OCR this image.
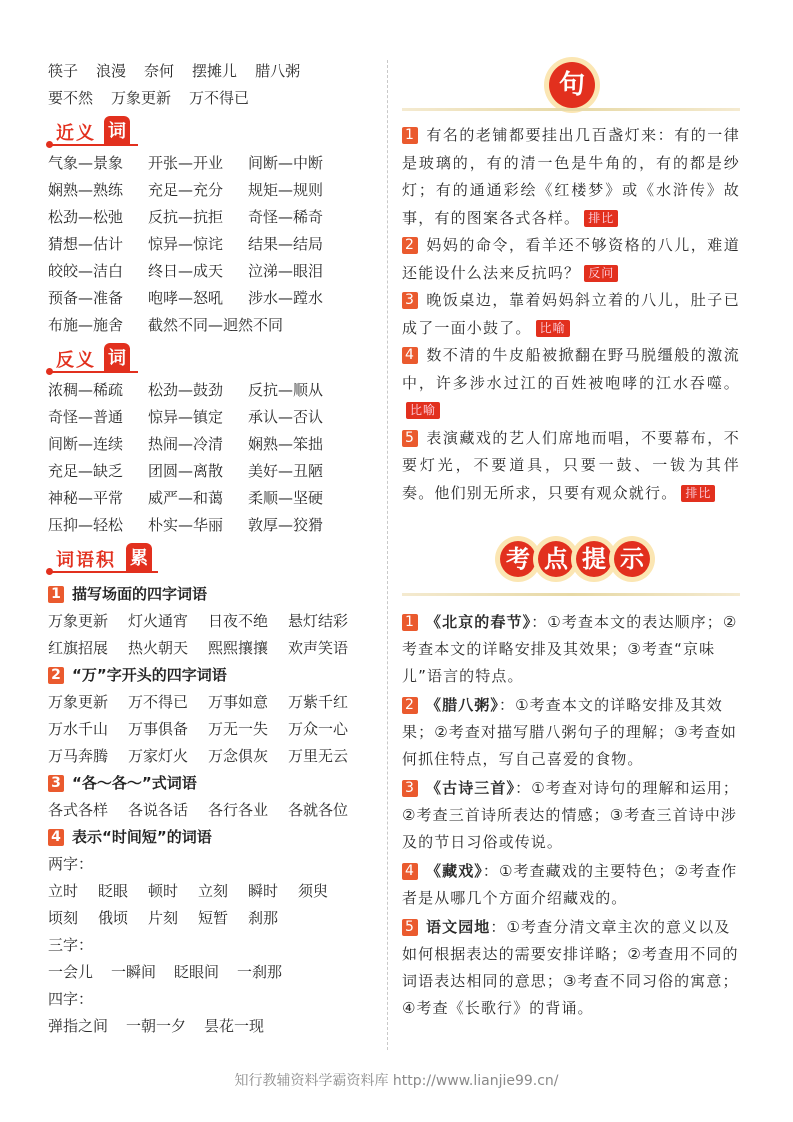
筷子 浪漫 奈何 摆摊儿 腊八粥
要不然 万象更新 万不得已
近义 词
气象—景象	开张—开业	间断—中断
娴熟—熟练	充足—充分	规矩—规则
松劲—松弛	反抗—抗拒	奇怪—稀奇
猜想—估计	惊异—惊诧	结果—结局
皎皎—洁白	终日—成天	泣涕—眼泪
预备—准备	咆哮—怒吼	涉水—蹚水
布施—施舍	截然不同—迥然不同
反义 词
浓稠—稀疏	松劲—鼓劲	反抗—顺从
奇怪—普通	惊异—镇定	承认—否认
间断—连续	热闹—冷清	娴熟—笨拙
充足—缺乏	团圆—离散	美好—丑陋
神秘—平常	威严—和蔼	柔顺—坚硬
压抑—轻松	朴实—华丽	敦厚—狡猾
词语积 累
1 描写场面的四字词语
万象更新	灯火通宵	日夜不绝	悬灯结彩
红旗招展	热火朝天	熙熙攘攘	欢声笑语
2 “万”字开头的四字词语
万象更新	万不得已	万事如意	万紫千红
万水千山	万事俱备	万无一失	万众一心
万马奔腾	万家灯火	万念俱灰	万里无云
3 “各～各～”式词语
各式各样	各说各话	各行各业	各就各位
4 表示“时间短”的词语
两字：
立时	眨眼	顿时	立刻	瞬时	须臾
顷刻	俄顷	片刻	短暂	刹那
三字：
一会儿 一瞬间 眨眼间 一刹那
四字：
弹指之间 一朝一夕 昙花一现
句
1 有名的老铺都要挂出几百盏灯来：有的一律是玻璃的，有的清一色是牛角的，有的都是纱灯；有的通通彩绘《红楼梦》或《水浒传》故事，有的图案各式各样。 排比
2 妈妈的命令，看羊还不够资格的八儿，难道还能设什么法来反抗吗？ 反问
3 晚饭桌边，靠着妈妈斜立着的八儿，肚子已成了一面小鼓了。 比喻
4 数不清的牛皮船被掀翻在野马脱缰般的激流中，许多涉水过江的百姓被咆哮的江水吞噬。比喻
5 表演藏戏的艺人们席地而唱，不要幕布，不要灯光，不要道具，只要一鼓、一钹为其伴奏。他们别无所求，只要有观众就行。 排比
考 点 提 示
1 《北京的春节》：①考查本文的表达顺序；②考查本文的详略安排及其效果；③考查“京味儿”语言的特点。
2 《腊八粥》：①考查本文的详略安排及其效果；②考查对描写腊八粥句子的理解；③考查如何抓住特点，写自己喜爱的食物。
3 《古诗三首》：①考查对诗句的理解和运用；②考查三首诗所表达的情感；③考查三首诗中涉及的节日习俗或传说。
4 《藏戏》：①考查藏戏的主要特色；②考查作者是从哪几个方面介绍藏戏的。
5 语文园地：①考查分清文章主次的意义以及如何根据表达的需要安排详略；②考查用不同的词语表达相同的意思；③考查不同习俗的寓意；④考查《长歌行》的背诵。
知行教辅资料学霸资料库 http://www.lianjie99.cn/
